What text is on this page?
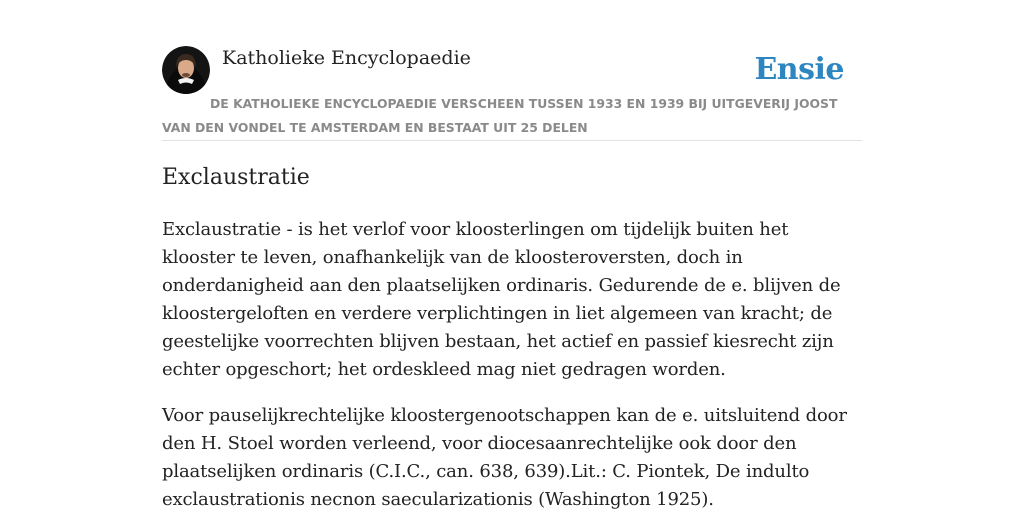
Katholieke Encyclopaedie	Ensie
DE KATHOLIEKE ENCYCLOPAEDIE VERSCHEEN TUSSEN 1933 EN 1939 BIJ UITGEVERIJ JOOST VAN DEN VONDEL TE AMSTERDAM EN BESTAAT UIT 25 DELEN
Exclaustratie

Exclaustratie - is het verlof voor kloosterlingen om tijdelijk buiten het klooster te leven, onafhankelijk van de kloosteroversten, doch in onderdanigheid aan den plaatselijken ordinaris. Gedurende de e. blijven de kloostergeloften en verdere verplichtingen in liet algemeen van kracht; de geestelijke voorrechten blijven bestaan, het actief en passief kiesrecht zijn echter opgeschort; het ordeskleed mag niet gedragen worden.

Voor pauselijkrechtelijke kloostergenootschappen kan de e. uitsluitend door den H. Stoel worden verleend, voor diocesaanrechtelijke ook door den plaatselijken ordinaris (C.I.C., can. 638, 639).Lit.: C. Piontek, De indulto exclaustrationis necnon saecularizationis (Washington 1925).
